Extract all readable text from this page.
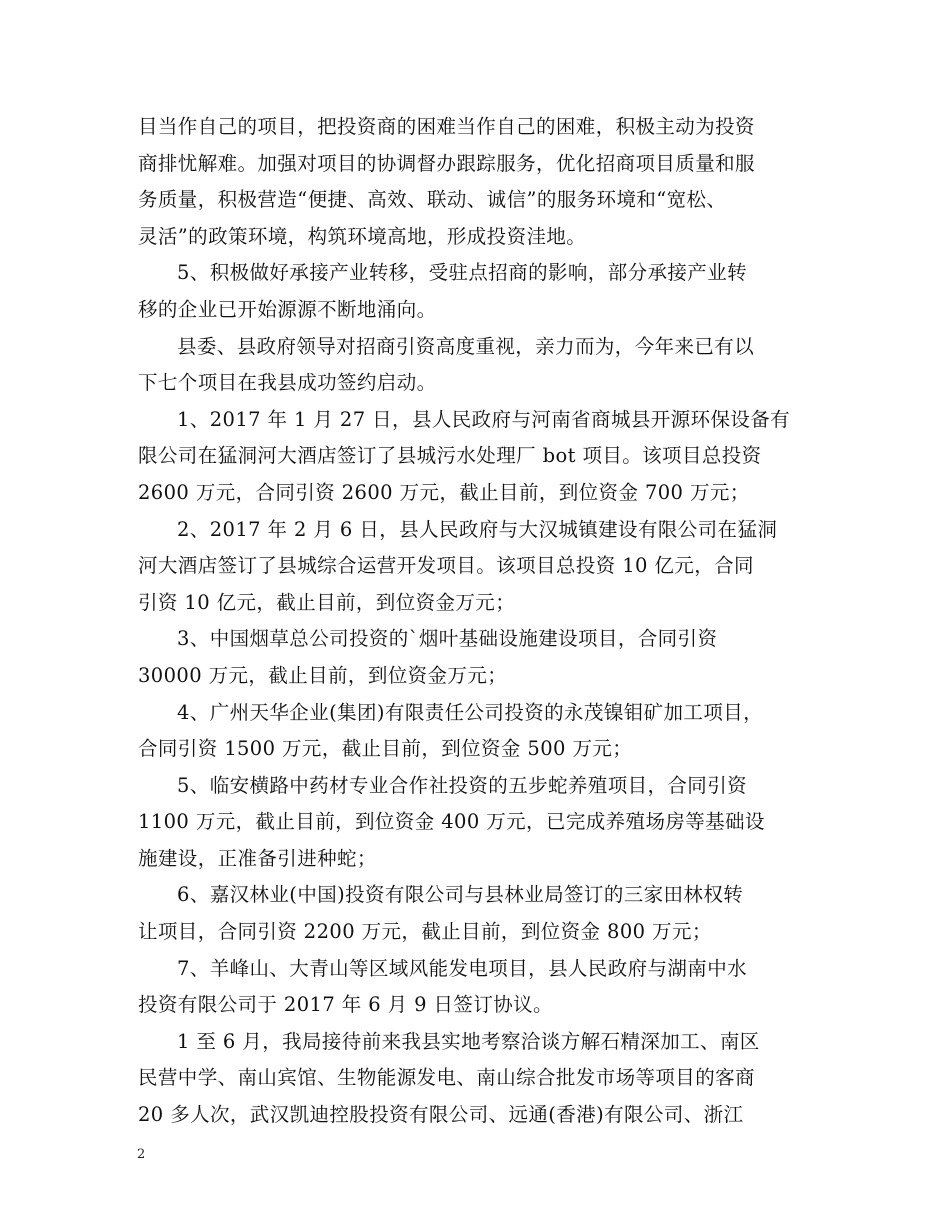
目当作自己的项目，把投资商的困难当作自己的困难，积极主动为投资
商排忧解难。加强对项目的协调督办跟踪服务，优化招商项目质量和服
务质量，积极营造“便捷、高效、联动、诚信”的服务环境和“宽松、
灵活”的政策环境，构筑环境高地，形成投资洼地。
5、积极做好承接产业转移，受驻点招商的影响，部分承接产业转
移的企业已开始源源不断地涌向。
县委、县政府领导对招商引资高度重视，亲力而为，今年来已有以
下七个项目在我县成功签约启动。
1、2017 年 1 月 27 日，县人民政府与河南省商城县开源环保设备有
限公司在猛洞河大酒店签订了县城污水处理厂 bot 项目。该项目总投资
2600 万元，合同引资 2600 万元，截止目前，到位资金 700 万元；
2、2017 年 2 月 6 日，县人民政府与大汉城镇建设有限公司在猛洞
河大酒店签订了县城综合运营开发项目。该项目总投资 10 亿元，合同
引资 10 亿元，截止目前，到位资金万元；
3、中国烟草总公司投资的`烟叶基础设施建设项目，合同引资
30000 万元，截止目前，到位资金万元；
4、广州天华企业(集团)有限责任公司投资的永茂镍钼矿加工项目，
合同引资 1500 万元，截止目前，到位资金 500 万元；
5、临安横路中药材专业合作社投资的五步蛇养殖项目，合同引资
1100 万元，截止目前，到位资金 400 万元，已完成养殖场房等基础设
施建设，正准备引进种蛇；
6、嘉汉林业(中国)投资有限公司与县林业局签订的三家田林权转
让项目，合同引资 2200 万元，截止目前，到位资金 800 万元；
7、羊峰山、大青山等区域风能发电项目，县人民政府与湖南中水
投资有限公司于 2017 年 6 月 9 日签订协议。
1 至 6 月，我局接待前来我县实地考察洽谈方解石精深加工、南区
民营中学、南山宾馆、生物能源发电、南山综合批发市场等项目的客商
20 多人次，武汉凯迪控股投资有限公司、远通(香港)有限公司、浙江
2
